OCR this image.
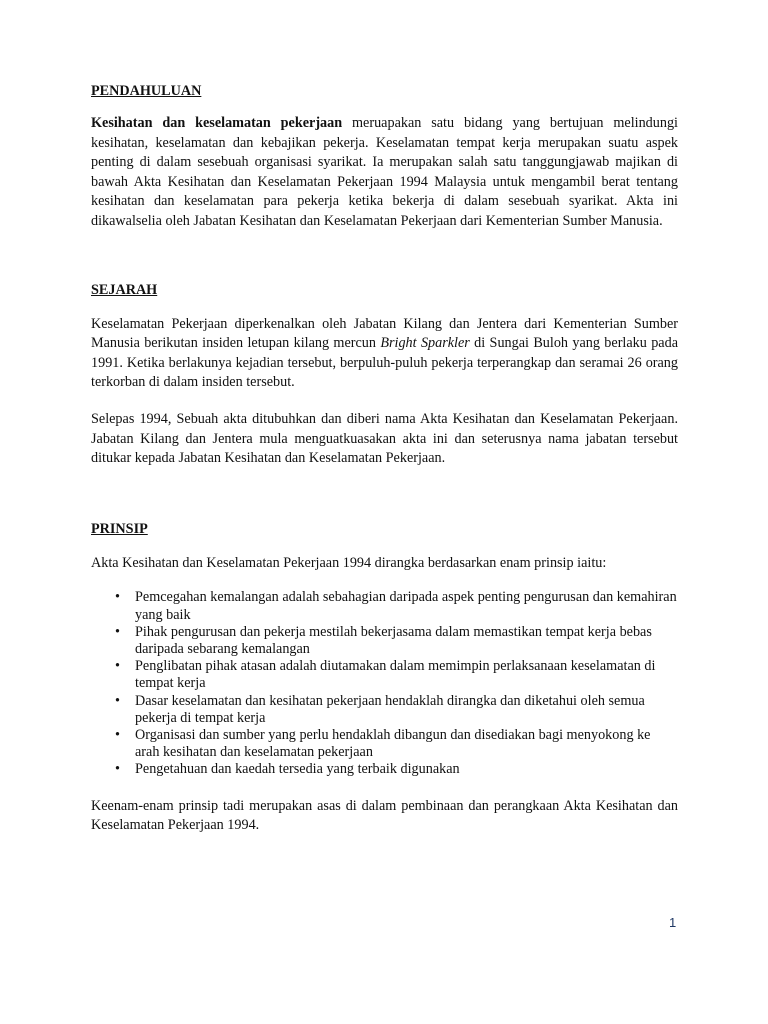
PENDAHULUAN

Kesihatan dan keselamatan pekerjaan meruapakan satu bidang yang bertujuan melindungi kesihatan, keselamatan dan kebajikan pekerja. Keselamatan tempat kerja merupakan suatu aspek penting di dalam sesebuah organisasi syarikat. Ia merupakan salah satu tanggungjawab majikan di bawah Akta Kesihatan dan Keselamatan Pekerjaan 1994 Malaysia untuk mengambil berat tentang kesihatan dan keselamatan para pekerja ketika bekerja di dalam sesebuah syarikat. Akta ini dikawalselia oleh Jabatan Kesihatan dan Keselamatan Pekerjaan dari Kementerian Sumber Manusia.

SEJARAH

Keselamatan Pekerjaan diperkenalkan oleh Jabatan Kilang dan Jentera dari Kementerian Sumber Manusia berikutan insiden letupan kilang mercun Bright Sparkler di Sungai Buloh yang berlaku pada 1991. Ketika berlakunya kejadian tersebut, berpuluh-puluh pekerja terperangkap dan seramai 26 orang terkorban di dalam insiden tersebut.

Selepas 1994, Sebuah akta ditubuhkan dan diberi nama Akta Kesihatan dan Keselamatan Pekerjaan. Jabatan Kilang dan Jentera mula menguatkuasakan akta ini dan seterusnya nama jabatan tersebut ditukar kepada Jabatan Kesihatan dan Keselamatan Pekerjaan.

PRINSIP

Akta Kesihatan dan Keselamatan Pekerjaan 1994 dirangka berdasarkan enam prinsip iaitu:

• Pemcegahan kemalangan adalah sebahagian daripada aspek penting pengurusan dan kemahiran yang baik
• Pihak pengurusan dan pekerja mestilah bekerjasama dalam memastikan tempat kerja bebas daripada sebarang kemalangan
• Penglibatan pihak atasan adalah diutamakan dalam memimpin perlaksanaan keselamatan di tempat kerja
• Dasar keselamatan dan kesihatan pekerjaan hendaklah dirangka dan diketahui oleh semua pekerja di tempat kerja
• Organisasi dan sumber yang perlu hendaklah dibangun dan disediakan bagi menyokong ke arah kesihatan dan keselamatan pekerjaan
• Pengetahuan dan kaedah tersedia yang terbaik digunakan

Keenam-enam prinsip tadi merupakan asas di dalam pembinaan dan perangkaan Akta Kesihatan dan Keselamatan Pekerjaan 1994.

1
